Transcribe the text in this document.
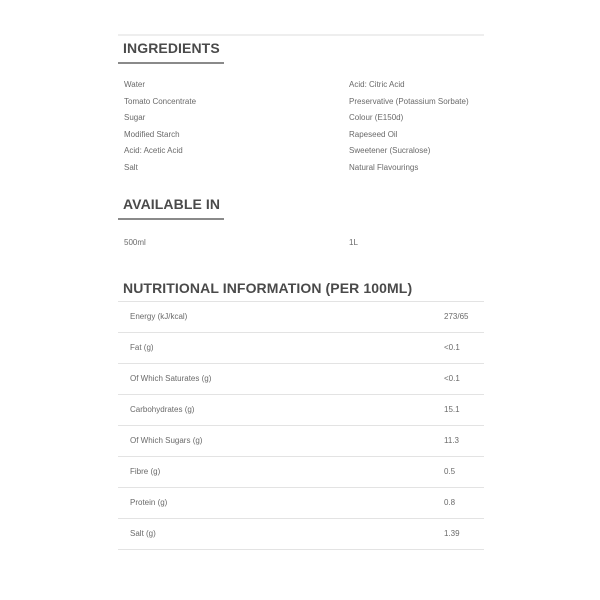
INGREDIENTS
Water	Acid: Citric Acid
Tomato Concentrate	Preservative (Potassium Sorbate)
Sugar	Colour (E150d)
Modified Starch	Rapeseed Oil
Acid: Acetic Acid	Sweetener (Sucralose)
Salt	Natural Flavourings
AVAILABLE IN
500ml	1L
NUTRITIONAL INFORMATION (PER 100ML)
Energy (kJ/kcal)	273/65
Fat (g)	<0.1
Of Which Saturates (g)	<0.1
Carbohydrates (g)	15.1
Of Which Sugars (g)	11.3
Fibre (g)	0.5
Protein (g)	0.8
Salt (g)	1.39
